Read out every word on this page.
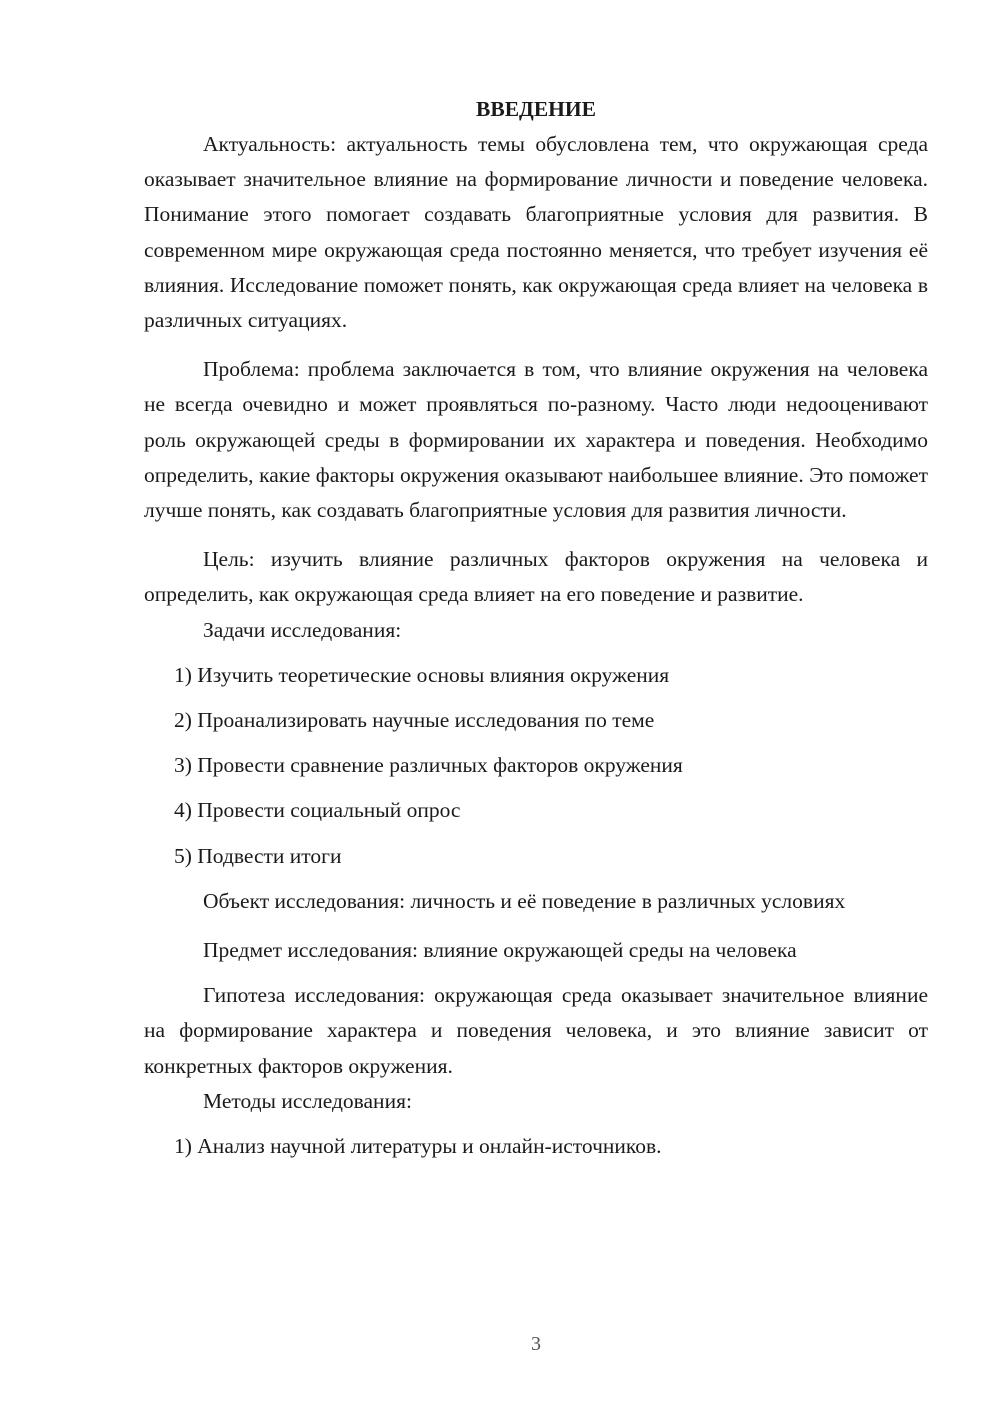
ВВЕДЕНИЕ

Актуальность: актуальность темы обусловлена тем, что окружающая среда оказывает значительное влияние на формирование личности и поведение человека. Понимание этого помогает создавать благоприятные условия для развития. В современном мире окружающая среда постоянно меняется, что требует изучения её влияния. Исследование поможет понять, как окружающая среда влияет на человека в различных ситуациях.

Проблема: проблема заключается в том, что влияние окружения на человека не всегда очевидно и может проявляться по-разному. Часто люди недооценивают роль окружающей среды в формировании их характера и поведения. Необходимо определить, какие факторы окружения оказывают наибольшее влияние. Это поможет лучше понять, как создавать благоприятные условия для развития личности.

Цель: изучить влияние различных факторов окружения на человека и определить, как окружающая среда влияет на его поведение и развитие.

Задачи исследования:

1) Изучить теоретические основы влияния окружения

2) Проанализировать научные исследования по теме

3) Провести сравнение различных факторов окружения

4) Провести социальный опрос

5) Подвести итоги

Объект исследования: личность и её поведение в различных условиях

Предмет исследования: влияние окружающей среды на человека

Гипотеза исследования: окружающая среда оказывает значительное влияние на формирование характера и поведения человека, и это влияние зависит от конкретных факторов окружения.

Методы исследования:

1) Анализ научной литературы и онлайн-источников.

3
